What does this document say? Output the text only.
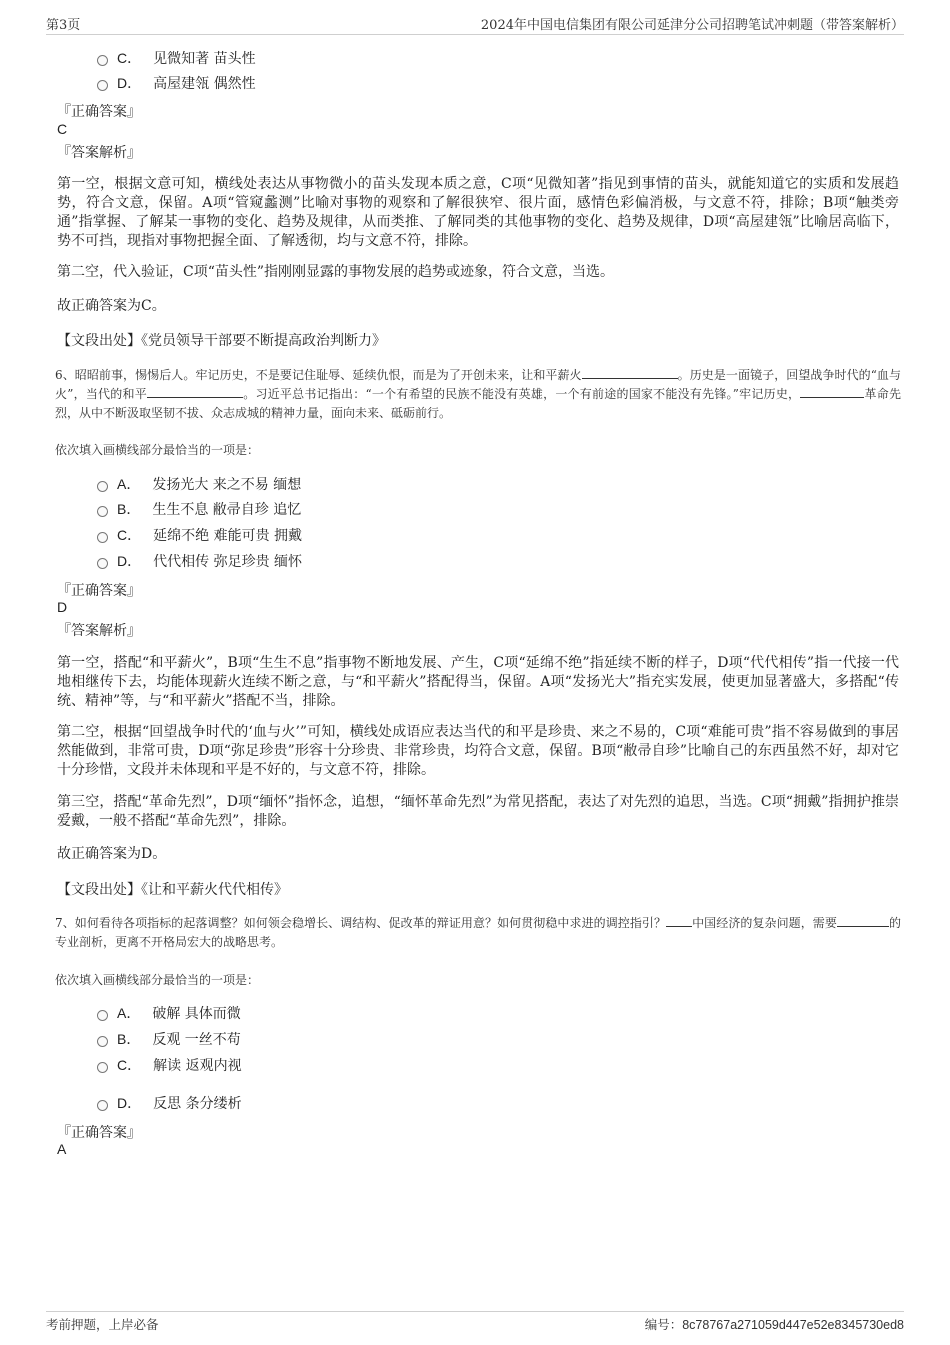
第3页	2024年中国电信集团有限公司延津分公司招聘笔试冲刺题（带答案解析）
C． 见微知著 苗头性
D． 高屋建瓴 偶然性
『正确答案』
C
『答案解析』
第一空，根据文意可知，横线处表达从事物微小的苗头发现本质之意，C项“见微知著”指见到事情的苗头，就能知道它的实质和发展趋势，符合文意，保留。A项“管窥蠡测”比喻对事物的观察和了解很狭窄、很片面，感情色彩偏消极，与文意不符，排除；B项“触类旁通”指掌握、了解某一事物的变化、趋势及规律，从而类推、了解同类的其他事物的变化、趋势及规律，D项“高屋建瓴”比喻居高临下，势不可挡，现指对事物把握全面、了解透彻，均与文意不符，排除。
第二空，代入验证，C项“苗头性”指刚刚显露的事物发展的趋势或迹象，符合文意，当选。
故正确答案为C。
【文段出处】《党员领导干部要不断提高政治判断力》
6、昭昭前事，惕惕后人。牢记历史，不是要记住耻辱、延续仇恨，而是为了开创未来，让和平薪火	。历史是一面镜子，回望战争时代的“血与火”，当代的和平	。习近平总书记指出：“一个有希望的民族不能没有英雄，一个有前途的国家不能没有先锋。”牢记历史，	革命先烈，从中不断汲取坚韧不拔、众志成城的精神力量，面向未来、砥砺前行。
依次填入画横线部分最恰当的一项是：
A． 发扬光大 来之不易 缅想
B． 生生不息 敝帚自珍 追忆
C． 延绵不绝 难能可贵 拥戴
D． 代代相传 弥足珍贵 缅怀
『正确答案』
D
『答案解析』
第一空，搭配“和平薪火”，B项“生生不息”指事物不断地发展、产生，C项“延绵不绝”指延续不断的样子，D项“代代相传”指一代接一代地相继传下去，均能体现薪火连续不断之意，与“和平薪火”搭配得当，保留。A项“发扬光大”指充实发展，使更加显著盛大，多搭配“传统、精神”等，与“和平薪火”搭配不当，排除。
第二空，根据“回望战争时代的‘血与火’”可知，横线处成语应表达当代的和平是珍贵、来之不易的，C项“难能可贵”指不容易做到的事居然能做到，非常可贵，D项“弥足珍贵”形容十分珍贵、非常珍贵，均符合文意，保留。B项“敝帚自珍”比喻自己的东西虽然不好，却对它十分珍惜，文段并未体现和平是不好的，与文意不符，排除。
第三空，搭配“革命先烈”，D项“缅怀”指怀念，追想，“缅怀革命先烈”为常见搭配，表达了对先烈的追思，当选。C项“拥戴”指拥护推崇爱戴，一般不搭配“革命先烈”，排除。
故正确答案为D。
【文段出处】《让和平薪火代代相传》
7、如何看待各项指标的起落调整？如何领会稳增长、调结构、促改革的辩证用意？如何贯彻稳中求进的调控指引？ 中国经济的复杂问题，需要	的专业剖析，更离不开格局宏大的战略思考。
依次填入画横线部分最恰当的一项是：
A． 破解 具体而微
B． 反观 一丝不苟
C． 解读 返观内视
D． 反思 条分缕析
『正确答案』
A
考前押题，上岸必备	编号：8c78767a271059d447e52e8345730ed8
